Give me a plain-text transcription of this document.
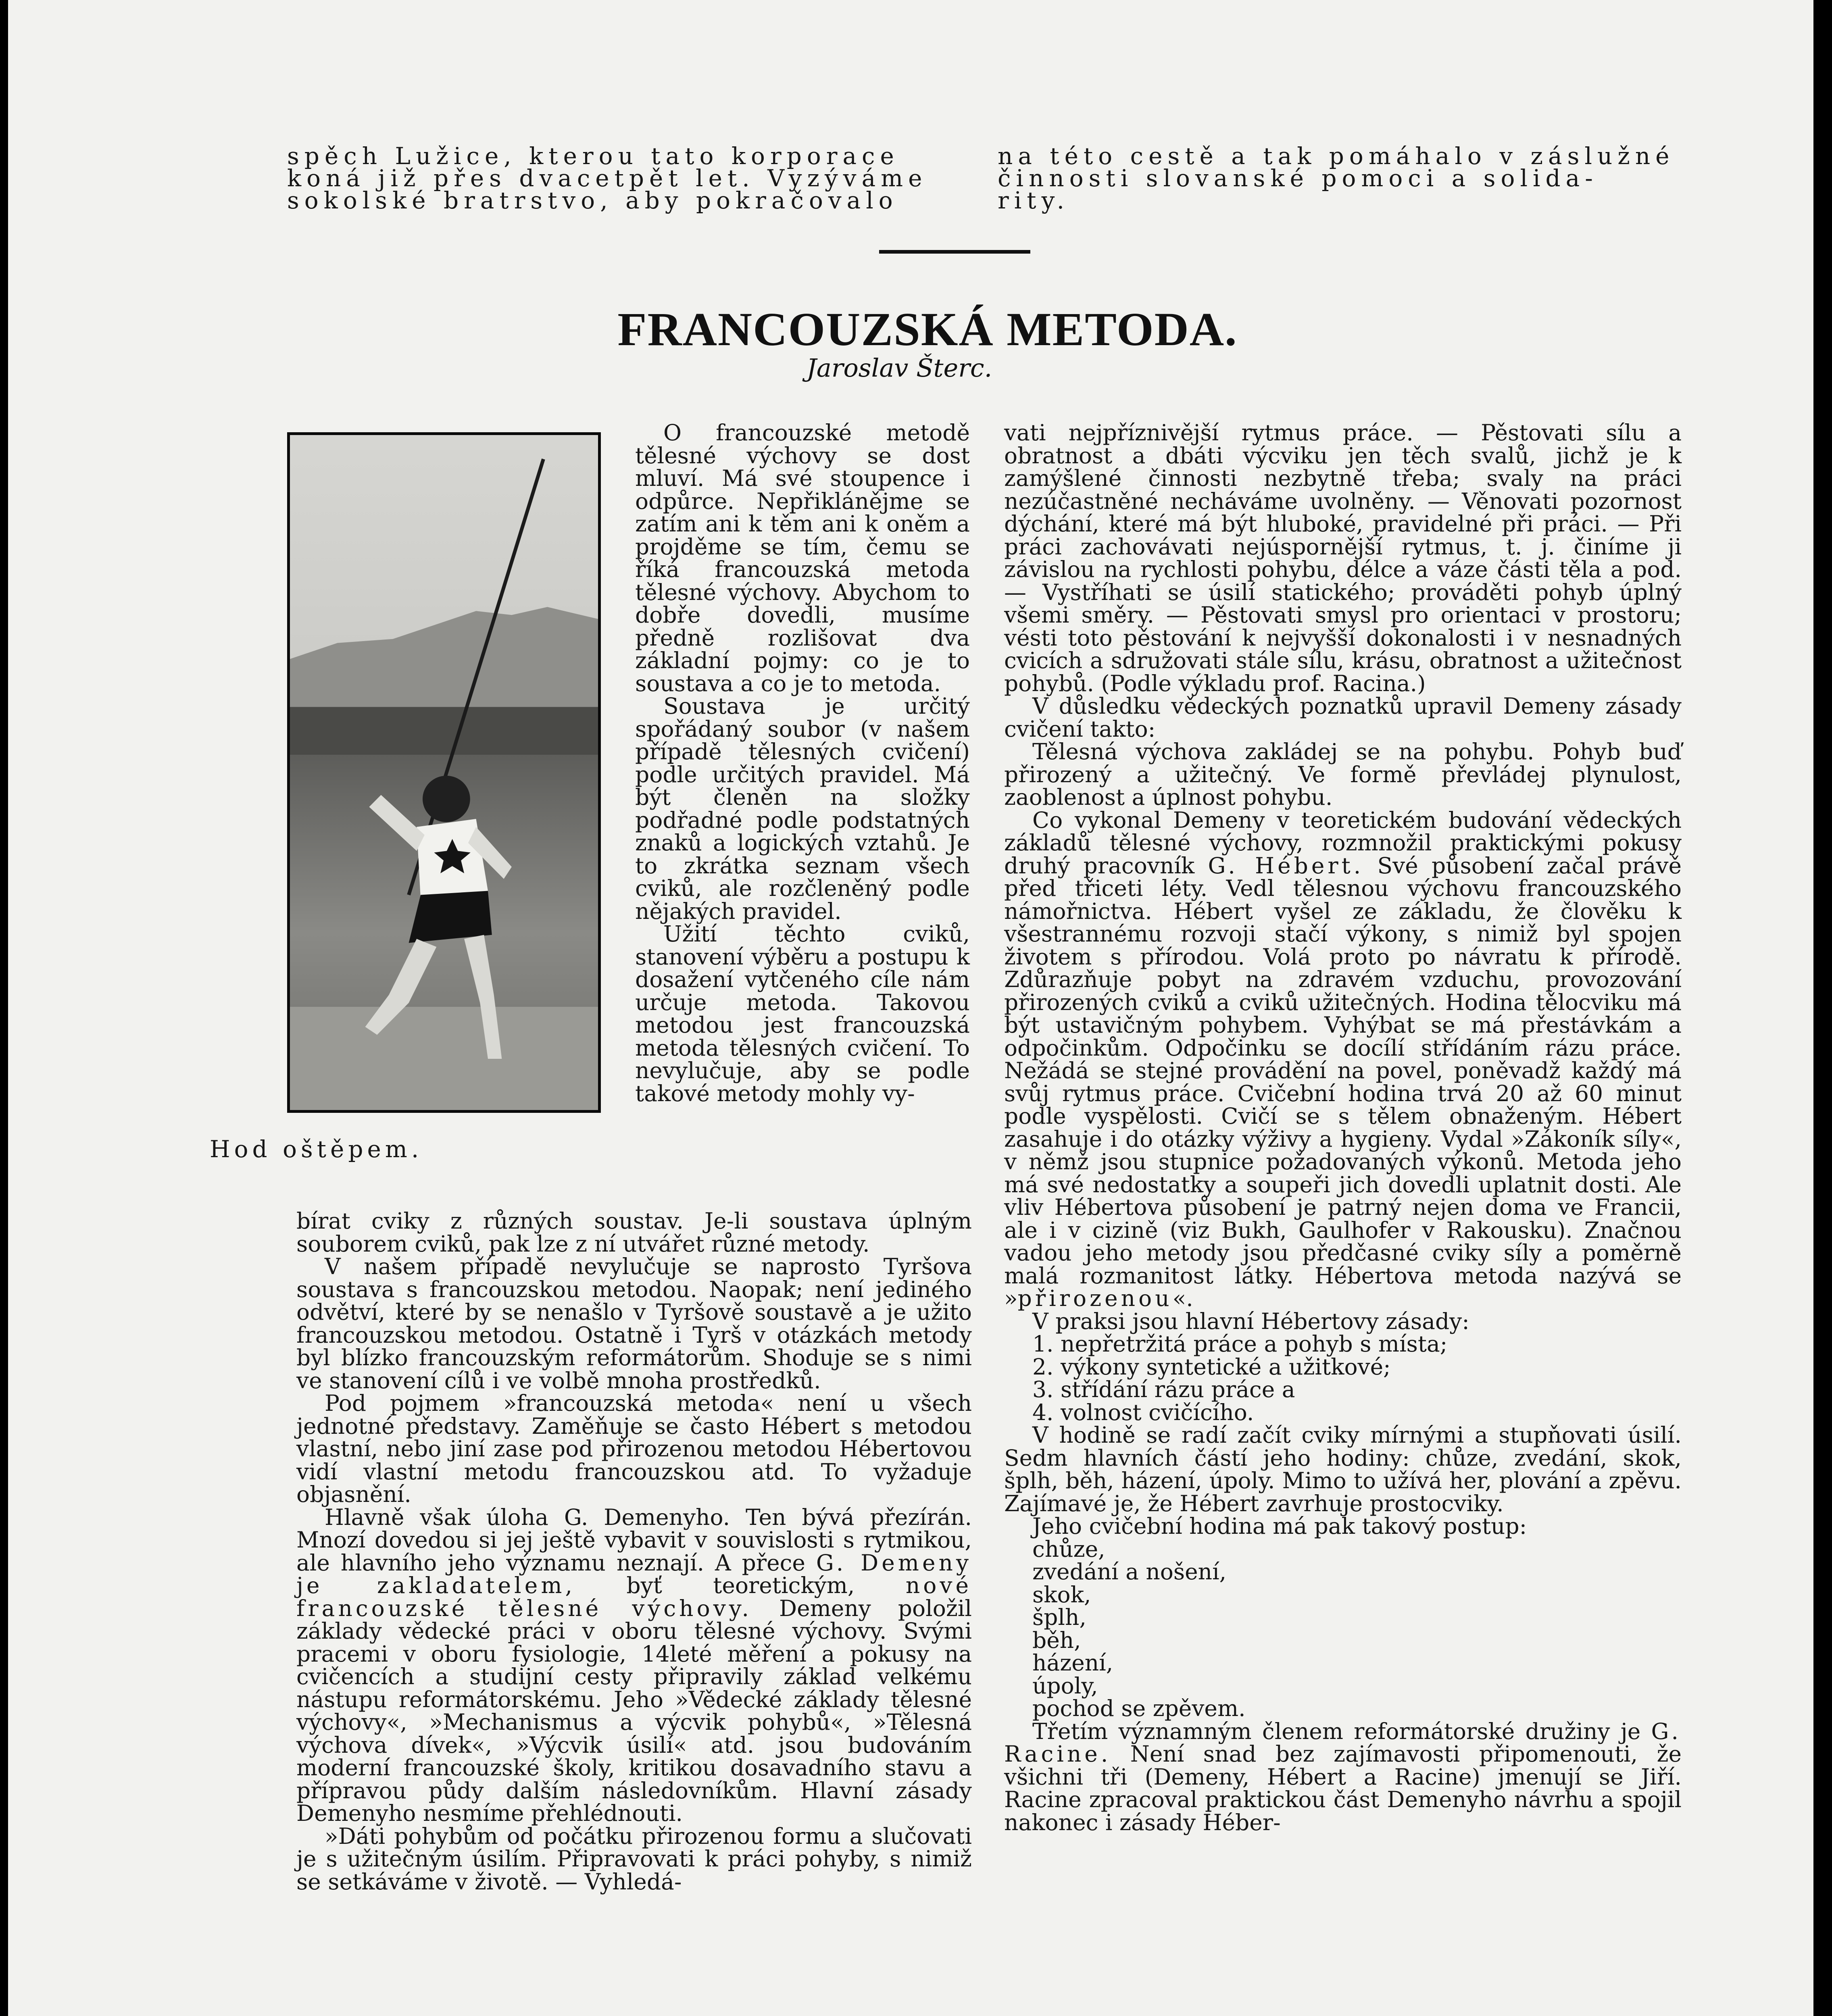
spěch Lužice, kterou tato korporace
koná již přes dvacetpět let. Vyzýváme
sokolské bratrstvo, aby pokračovalo
na této cestě a tak pomáhalo v záslužné
činnosti slovanské pomoci a solida-
rity.
FRANCOUZSKÁ METODA.

Jaroslav Šterc.

Hod oštěpem.

O francouzské metodě tělesné výchovy se dost mluví. Má své stoupence i odpůrce. Nepřiklánějme se zatím ani k těm ani k oněm a projděme se tím, čemu se říká francouzská metoda tělesné výchovy. Abychom to dobře dovedli, musíme předně rozlišovat dva základní pojmy: co je to soustava a co je to metoda.

Soustava je určitý spořádaný soubor (v našem případě tělesných cvičení) podle určitých pravidel. Má být členěn na složky podřadné podle podstatných znaků a logických vztahů. Je to zkrátka seznam všech cviků, ale rozčleněný podle nějakých pravidel.

Užití těchto cviků, stanovení výběru a postupu k dosažení vytčeného cíle nám určuje metoda. Takovou metodou jest francouzská metoda tělesných cvičení. To nevylučuje, aby se podle takové metody mohly vy-

bírat cviky z různých soustav. Je-li soustava úplným souborem cviků, pak lze z ní utvářet různé metody.

V našem případě nevylučuje se naprosto Tyršova soustava s francouzskou metodou. Naopak; není jediného odvětví, které by se nenašlo v Tyršově soustavě a je užito francouzskou metodou. Ostatně i Tyrš v otázkách metody byl blízko francouzským reformátorům. Shoduje se s nimi ve stanovení cílů i ve volbě mnoha prostředků.

Pod pojmem »francouzská metoda« není u všech jednotné představy. Zaměňuje se často Hébert s metodou vlastní, nebo jiní zase pod přirozenou metodou Hébertovou vidí vlastní metodu francouzskou atd. To vyžaduje objasnění.

Hlavně však úloha G. Demenyho. Ten bývá přezírán. Mnozí dovedou si jej ještě vybavit v souvislosti s rytmikou, ale hlavního jeho významu neznají. A přece G. Demeny je zakladatelem, byť teoretickým, nové francouzské tělesné výchovy. Demeny položil základy vědecké práci v oboru tělesné výchovy. Svými pracemi v oboru fysiologie, 14leté měření a pokusy na cvičencích a studijní cesty připravily základ velkému nástupu reformátorskému. Jeho »Vědecké základy tělesné výchovy«, »Mechanismus a výcvik pohybů«, »Tělesná výchova dívek«, »Výcvik úsilí« atd. jsou budováním moderní francouzské školy, kritikou dosavadního stavu a přípravou půdy dalším následovníkům. Hlavní zásady Demenyho nesmíme přehlédnouti.

»Dáti pohybům od počátku přirozenou formu a slučovati je s užitečným úsilím. Připravovati k práci pohyby, s nimiž se setkáváme v životě. — Vyhledá-

vati nejpříznivější rytmus práce. — Pěstovati sílu a obratnost a dbáti výcviku jen těch svalů, jichž je k zamýšlené činnosti nezbytně třeba; svaly na práci nezúčastněné necháváme uvolněny. — Věnovati pozornost dýchání, které má být hluboké, pravidelné při práci. — Při práci zachovávati nejúspornější rytmus, t. j. činíme ji závislou na rychlosti pohybu, délce a váze části těla a pod. — Vystříhati se úsilí statického; prováděti pohyb úplný všemi směry. — Pěstovati smysl pro orientaci v prostoru; vésti toto pěstování k nejvyšší dokonalosti i v nesnadných cvicích a sdružovati stále sílu, krásu, obratnost a užitečnost pohybů. (Podle výkladu prof. Racina.)

V důsledku vědeckých poznatků upravil Demeny zásady cvičení takto:

Tělesná výchova zakládej se na pohybu. Pohyb buď přirozený a užitečný. Ve formě převládej plynulost, zaoblenost a úplnost pohybu.

Co vykonal Demeny v teoretickém budování vědeckých základů tělesné výchovy, rozmnožil praktickými pokusy druhý pracovník G. Hébert. Své působení začal právě před třiceti léty. Vedl tělesnou výchovu francouzského námořnictva. Hébert vyšel ze základu, že člověku k všestrannému rozvoji stačí výkony, s nimiž byl spojen životem s přírodou. Volá proto po návratu k přírodě. Zdůrazňuje pobyt na zdravém vzduchu, provozování přirozených cviků a cviků užitečných. Hodina tělocviku má být ustavičným pohybem. Vyhýbat se má přestávkám a odpočinkům. Odpočinku se docílí střídáním rázu práce. Nežádá se stejné provádění na povel, poněvadž každý má svůj rytmus práce. Cvičební hodina trvá 20 až 60 minut podle vyspělosti. Cvičí se s tělem obnaženým. Hébert zasahuje i do otázky výživy a hygieny. Vydal »Zákoník síly«, v němž jsou stupnice požadovaných výkonů. Metoda jeho má své nedostatky a soupeři jich dovedli uplatnit dosti. Ale vliv Hébertova působení je patrný nejen doma ve Francii, ale i v cizině (viz Bukh, Gaulhofer v Rakousku). Značnou vadou jeho metody jsou předčasné cviky síly a poměrně malá rozmanitost látky. Hébertova metoda nazývá se »přirozenou«.

V praksi jsou hlavní Hébertovy zásady:

1. nepřetržitá práce a pohyb s místa;

2. výkony syntetické a užitkové;

3. střídání rázu práce a

4. volnost cvičícího.

V hodině se radí začít cviky mírnými a stupňovati úsilí. Sedm hlavních částí jeho hodiny: chůze, zvedání, skok, šplh, běh, házení, úpoly. Mimo to užívá her, plování a zpěvu. Zajímavé je, že Hébert zavrhuje prostocviky.

Jeho cvičební hodina má pak takový postup:

chůze,

zvedání a nošení,

skok,

šplh,

běh,

házení,

úpoly,

pochod se zpěvem.

Třetím významným členem reformátorské družiny je G. Racine. Není snad bez zajímavosti připomenouti, že všichni tři (Demeny, Hébert a Racine) jmenují se Jiří. Racine zpracoval praktickou část Demenyho návrhu a spojil nakonec i zásady Héber-
